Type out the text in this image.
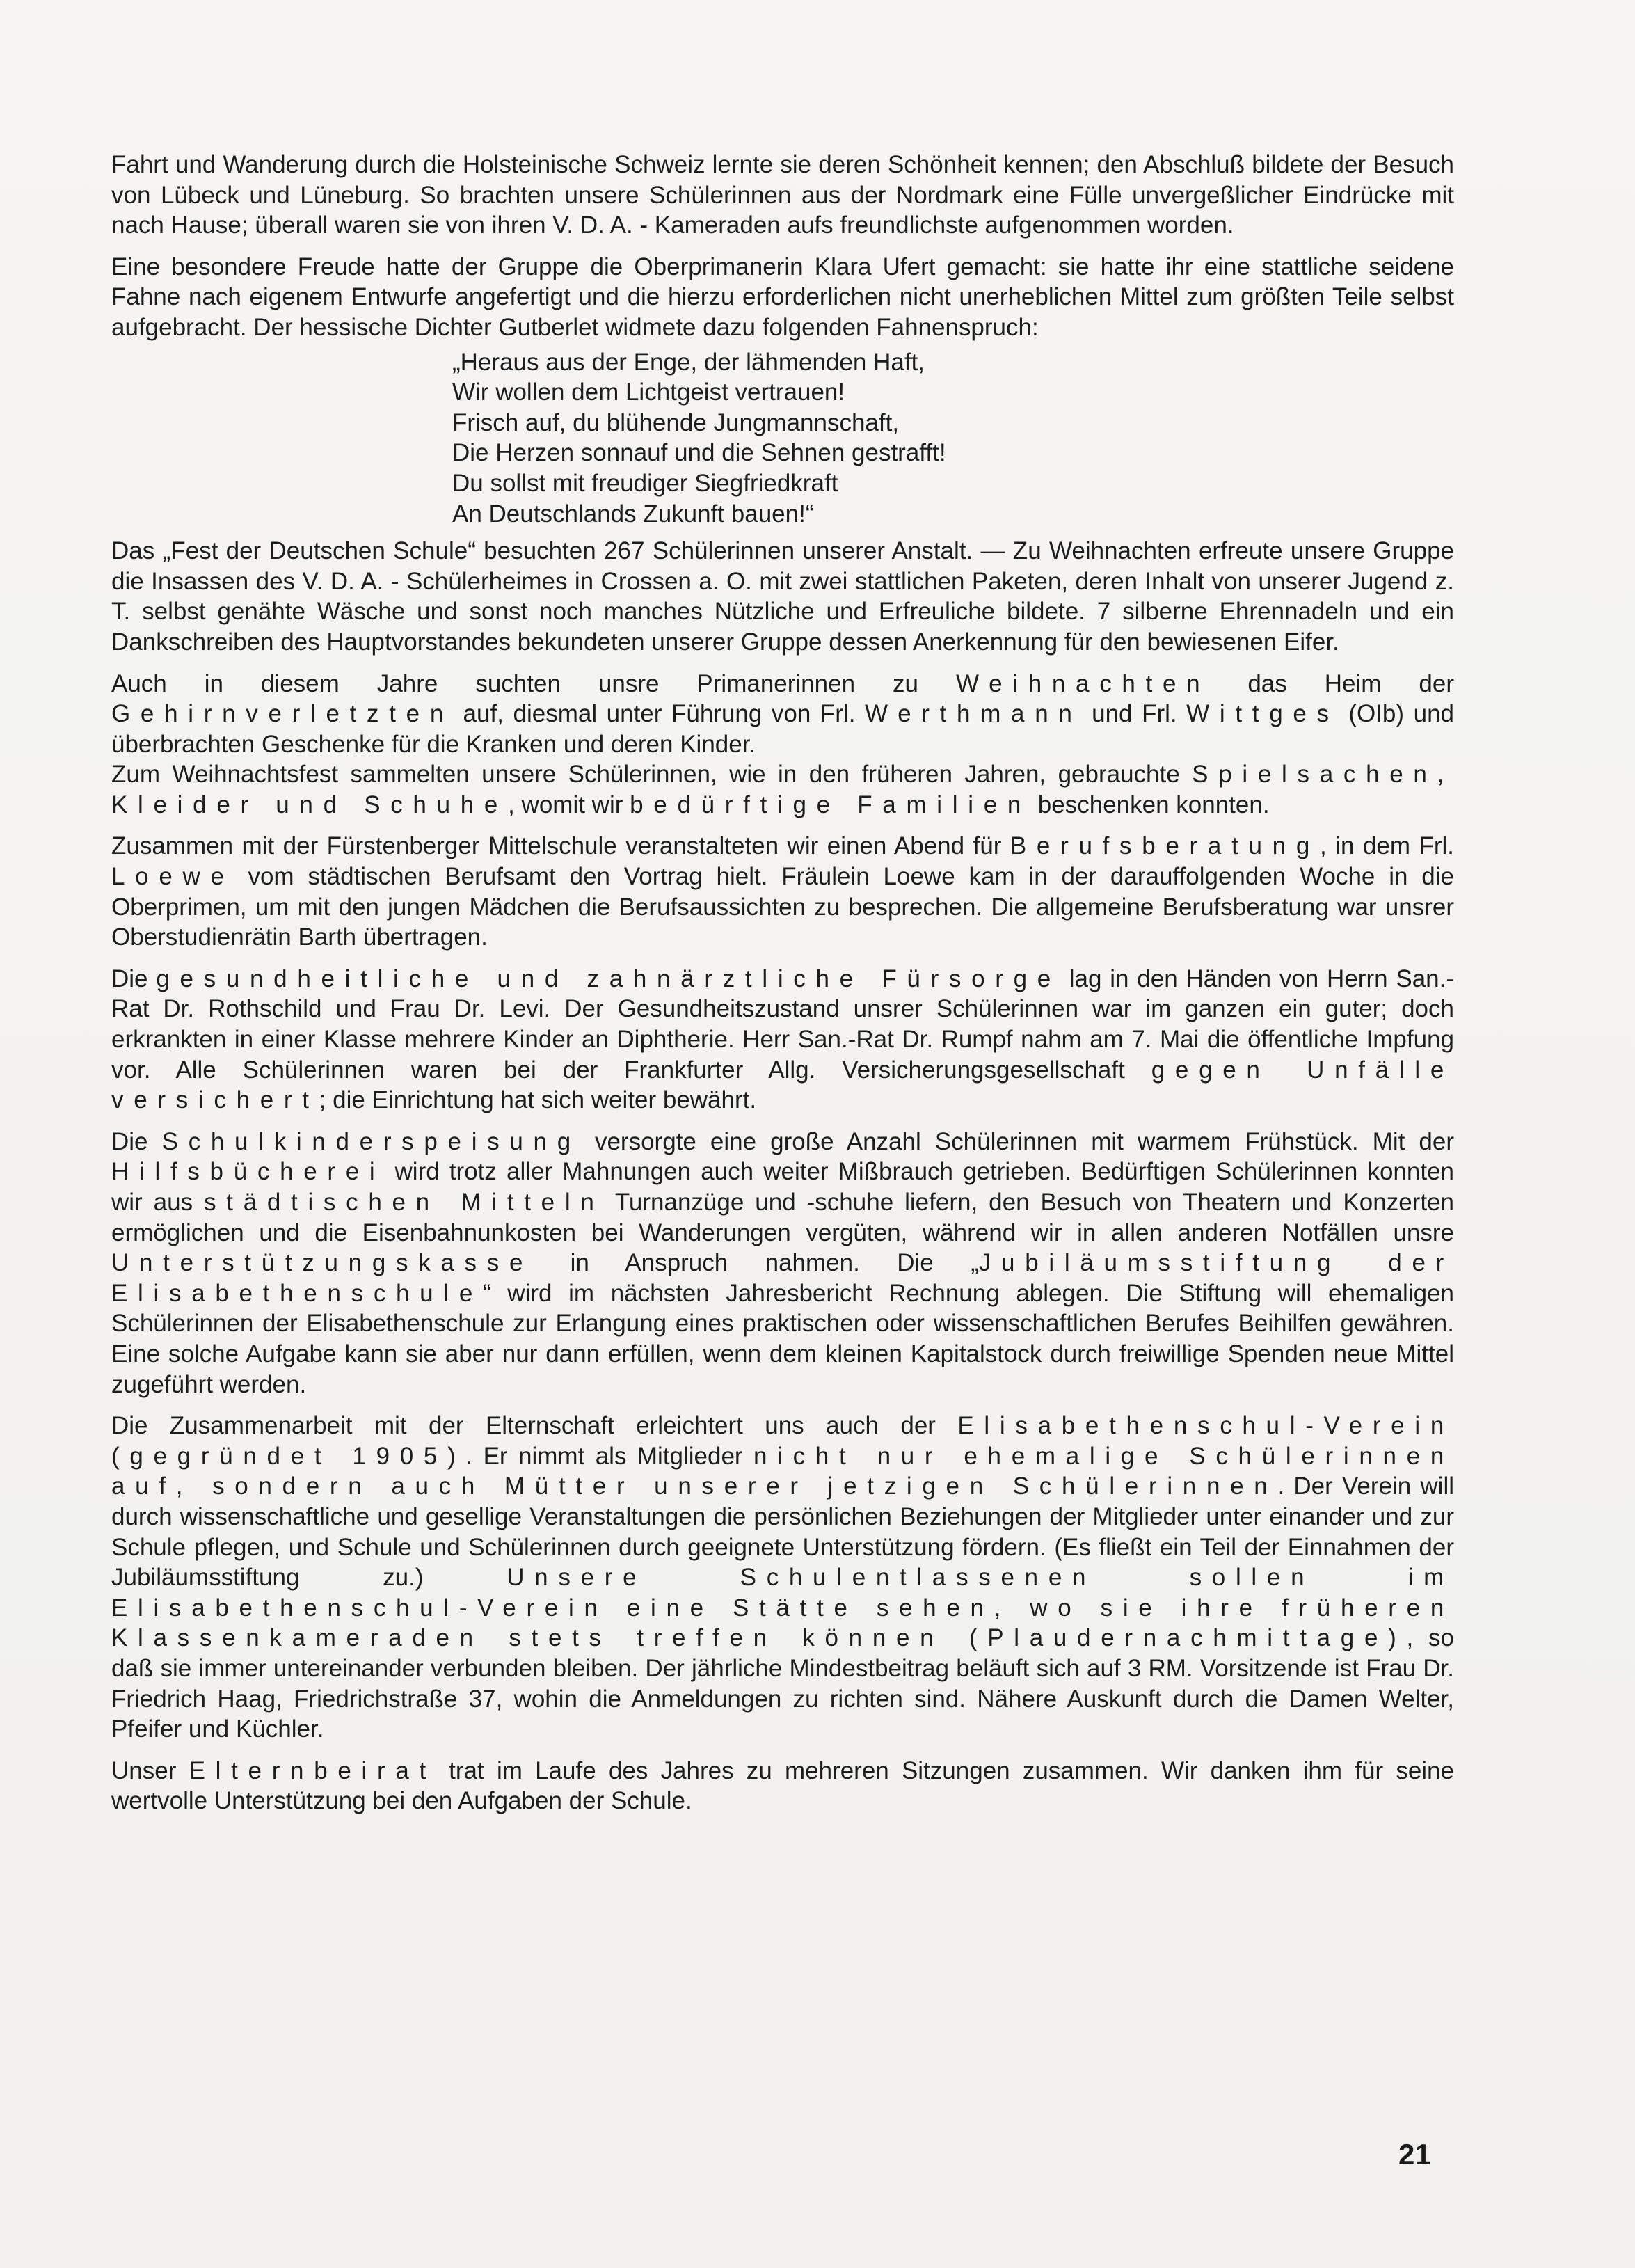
Fahrt und Wanderung durch die Holsteinische Schweiz lernte sie deren Schönheit kennen; den Abschluß bildete der Besuch von Lübeck und Lüneburg. So brachten unsere Schülerinnen aus der Nordmark eine Fülle unvergeßlicher Eindrücke mit nach Hause; überall waren sie von ihren V. D. A. - Kameraden aufs freundlichste aufgenommen worden.

Eine besondere Freude hatte der Gruppe die Oberprimanerin Klara Ufert gemacht: sie hatte ihr eine stattliche seidene Fahne nach eigenem Entwurfe angefertigt und die hierzu erforderlichen nicht unerheblichen Mittel zum größten Teile selbst aufgebracht. Der hessische Dichter Gutberlet widmete dazu folgenden Fahnenspruch:

„Heraus aus der Enge, der lähmenden Haft,
Wir wollen dem Lichtgeist vertrauen!
Frisch auf, du blühende Jungmannschaft,
Die Herzen sonnauf und die Sehnen gestrafft!
Du sollst mit freudiger Siegfriedkraft
An Deutschlands Zukunft bauen!“

Das „Fest der Deutschen Schule“ besuchten 267 Schülerinnen unserer Anstalt. — Zu Weihnachten erfreute unsere Gruppe die Insassen des V. D. A. - Schülerheimes in Crossen a. O. mit zwei stattlichen Paketen, deren Inhalt von unserer Jugend z. T. selbst genähte Wäsche und sonst noch manches Nützliche und Erfreuliche bildete. 7 silberne Ehrennadeln und ein Dankschreiben des Hauptvorstandes bekundeten unserer Gruppe dessen Anerkennung für den bewiesenen Eifer.

Auch in diesem Jahre suchten unsre Primanerinnen zu Weihnachten das Heim der Gehirnverletzten auf, diesmal unter Führung von Frl. Werthmann und Frl. Wittges (OIb) und überbrachten Geschenke für die Kranken und deren Kinder.

Zum Weihnachtsfest sammelten unsere Schülerinnen, wie in den früheren Jahren, gebrauchte Spielsachen, Kleider und Schuhe, womit wir bedürftige Familien beschenken konnten.

Zusammen mit der Fürstenberger Mittelschule veranstalteten wir einen Abend für Berufsberatung, in dem Frl. Loewe vom städtischen Berufsamt den Vortrag hielt. Fräulein Loewe kam in der darauffolgenden Woche in die Oberprimen, um mit den jungen Mädchen die Berufsaussichten zu besprechen. Die allgemeine Berufsberatung war unsrer Oberstudienrätin Barth übertragen.

Die gesundheitliche und zahnärztliche Fürsorge lag in den Händen von Herrn San.-Rat Dr. Rothschild und Frau Dr. Levi. Der Gesundheitszustand unsrer Schülerinnen war im ganzen ein guter; doch erkrankten in einer Klasse mehrere Kinder an Diphtherie. Herr San.-Rat Dr. Rumpf nahm am 7. Mai die öffentliche Impfung vor. Alle Schülerinnen waren bei der Frankfurter Allg. Versicherungsgesellschaft gegen Unfälle versichert; die Einrichtung hat sich weiter bewährt.

Die Schulkinderspeisung versorgte eine große Anzahl Schülerinnen mit warmem Frühstück. Mit der Hilfsbücherei wird trotz aller Mahnungen auch weiter Mißbrauch getrieben. Bedürftigen Schülerinnen konnten wir aus städtischen Mitteln Turnanzüge und -schuhe liefern, den Besuch von Theatern und Konzerten ermöglichen und die Eisenbahnunkosten bei Wanderungen vergüten, während wir in allen anderen Notfällen unsre Unterstützungskasse in Anspruch nahmen. Die „Jubiläumsstiftung der Elisabethenschule“ wird im nächsten Jahresbericht Rechnung ablegen. Die Stiftung will ehemaligen Schülerinnen der Elisabethenschule zur Erlangung eines praktischen oder wissenschaftlichen Berufes Beihilfen gewähren. Eine solche Aufgabe kann sie aber nur dann erfüllen, wenn dem kleinen Kapitalstock durch freiwillige Spenden neue Mittel zugeführt werden.

Die Zusammenarbeit mit der Elternschaft erleichtert uns auch der Elisabethenschul-Verein (gegründet 1905). Er nimmt als Mitglieder nicht nur ehemalige Schülerinnen auf, sondern auch Mütter unserer jetzigen Schülerinnen. Der Verein will durch wissenschaftliche und gesellige Veranstaltungen die persönlichen Beziehungen der Mitglieder unter einander und zur Schule pflegen, und Schule und Schülerinnen durch geeignete Unterstützung fördern. (Es fließt ein Teil der Einnahmen der Jubiläumsstiftung zu.) Unsere Schulentlassenen sollen im Elisabethenschul-Verein eine Stätte sehen, wo sie ihre früheren Klassenkameraden stets treffen können (Plaudernachmittage), so daß sie immer untereinander verbunden bleiben. Der jährliche Mindestbeitrag beläuft sich auf 3 RM. Vorsitzende ist Frau Dr. Friedrich Haag, Friedrichstraße 37, wohin die Anmeldungen zu richten sind. Nähere Auskunft durch die Damen Welter, Pfeifer und Küchler.

Unser Elternbeirat trat im Laufe des Jahres zu mehreren Sitzungen zusammen. Wir danken ihm für seine wertvolle Unterstützung bei den Aufgaben der Schule.

21
